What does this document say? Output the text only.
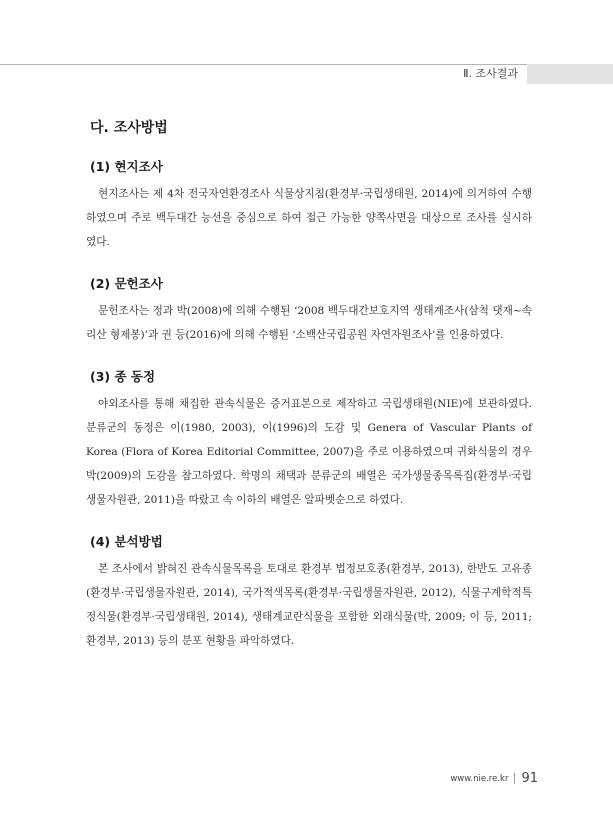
Ⅱ. 조사결과
다. 조사방법
(1) 현지조사

현지조사는 제 4차 전국자연환경조사 식물상지침(환경부·국립생태원, 2014)에 의거하여 수행하였으며 주로 백두대간 능선을 중심으로 하여 접근 가능한 양쪽사면을 대상으로 조사를 실시하였다.

(2) 문헌조사

문헌조사는 정과 박(2008)에 의해 수행된 ‘2008 백두대간보호지역 생태계조사(삼척 댓재~속리산 형제봉)’과 권 등(2016)에 의해 수행된 ‘소백산국립공원 자연자원조사’를 인용하였다.

(3) 종 동정

야외조사를 통해 채집한 관속식물은 증거표본으로 제작하고 국립생태원(NIE)에 보관하였다. 분류군의 동정은 이(1980, 2003), 이(1996)의 도감 및 Genera of Vascular Plants of Korea (Flora of Korea Editorial Committee, 2007)을 주로 이용하였으며 귀화식물의 경우 박(2009)의 도감을 참고하였다. 학명의 채택과 분류군의 배열은 국가생물종목록집(환경부·국립생물자원관, 2011)을 따랐고 속 이하의 배열은 알파벳순으로 하였다.

(4) 분석방법

본 조사에서 밝혀진 관속식물목록을 토대로 환경부 법정보호종(환경부, 2013), 한반도 고유종(환경부·국립생물자원관, 2014), 국가적색목록(환경부·국립생물자원관, 2012), 식물구계학적특정식물(환경부·국립생태원, 2014), 생태계교란식물을 포함한 외래식물(박, 2009; 이 등, 2011; 환경부, 2013) 등의 분포 현황을 파악하였다.

www.nie.re.kr 91
